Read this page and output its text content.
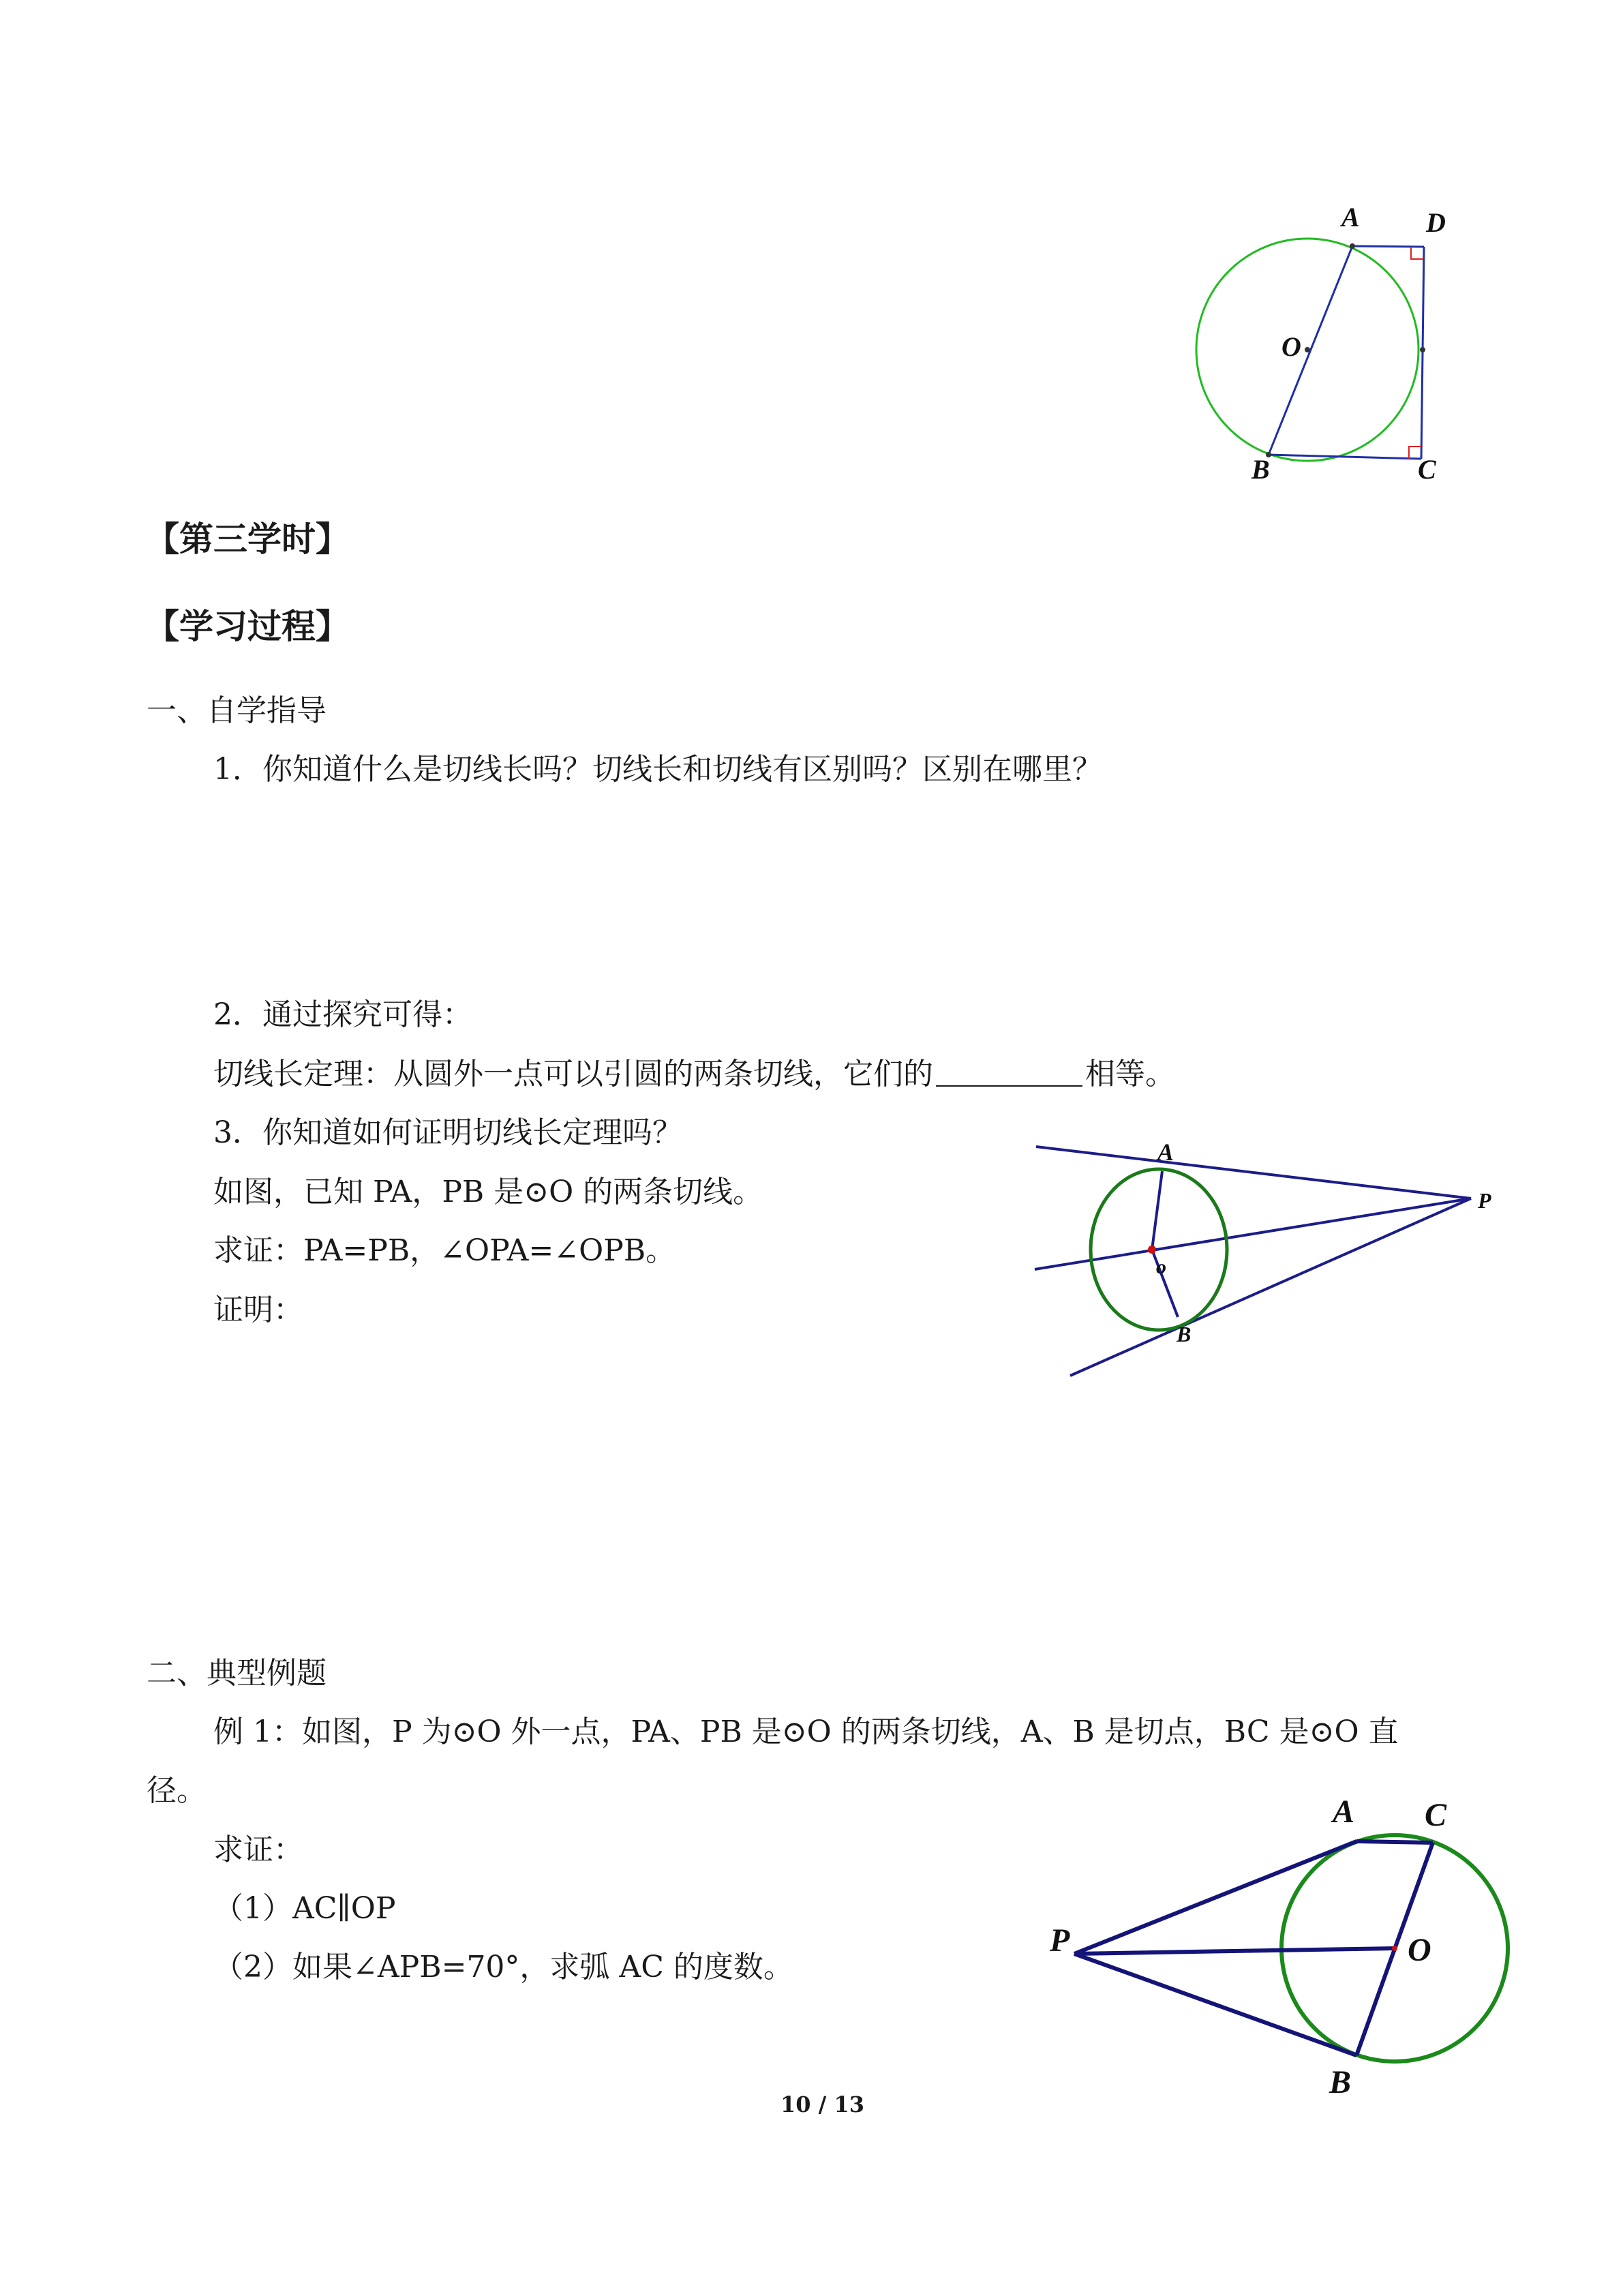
A D
O
B	C
【第三学时】
【学习过程】
一、自学指导
1．你知道什么是切线长吗？切线长和切线有区别吗？区别在哪里？
2．通过探究可得：
切线长定理：从圆外一点可以引圆的两条切线，它们的	相等。
3．你知道如何证明切线长定理吗？
如图，已知 PA，PB 是⊙O 的两条切线。
求证：PA=PB，∠OPA=∠OPB。
证明：
A
P
o
B
二、典型例题
例 1：如图，P 为⊙O 外一点，PA、PB 是⊙O 的两条切线，A、B 是切点，BC 是⊙O 直
径。
求证：
（1）AC∥OP
（2）如果∠APB=70°，求弧 AC 的度数。
A C
P	O
B
10 / 13
